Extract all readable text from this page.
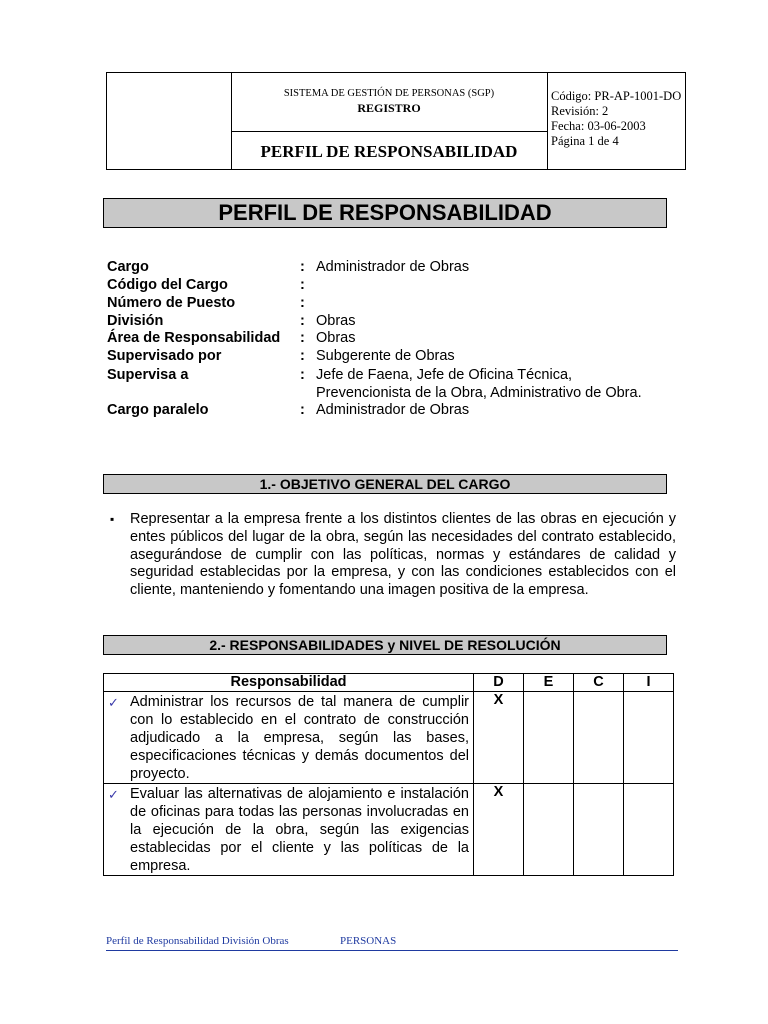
SISTEMA DE GESTIÓN DE PERSONAS (SGP)
REGISTRO
PERFIL DE RESPONSABILIDAD
Código: PR-AP-1001-DO
Revisión: 2
Fecha: 03-06-2003
Página 1 de 4
PERFIL DE RESPONSABILIDAD
Cargo	: Administrador de Obras
Código del Cargo	:
Número de Puesto	:
División	: Obras
Área de Responsabilidad : Obras
Supervisado por	: Subgerente de Obras
Supervisa a	: Jefe de Faena, Jefe de Oficina Técnica,
Prevencionista de la Obra, Administrativo de Obra.
Cargo paralelo	: Administrador de Obras
1.- OBJETIVO GENERAL DEL CARGO
▪ Representar a la empresa frente a los distintos clientes de las obras en ejecución y entes públicos del lugar de la obra, según las necesidades del contrato establecido, asegurándose de cumplir con las políticas, normas y estándares de calidad y seguridad establecidas por la empresa, y con las condiciones establecidos con el cliente, manteniendo y fomentando una imagen positiva de la empresa.
2.- RESPONSABILIDADES y NIVEL DE RESOLUCIÓN
Responsabilidad	D	E	C	I

✓ Administrar los recursos de tal manera de cumplir con lo establecido en el contrato de construcción adjudicado a la empresa, según las bases, especificaciones técnicas y demás documentos del proyecto.	X			

✓ Evaluar las alternativas de alojamiento e instalación de oficinas para todas las personas involucradas en la ejecución de la obra, según las exigencias establecidas por el cliente y las políticas de la empresa.	X			
Perfil de Responsabilidad División Obras	PERSONAS
